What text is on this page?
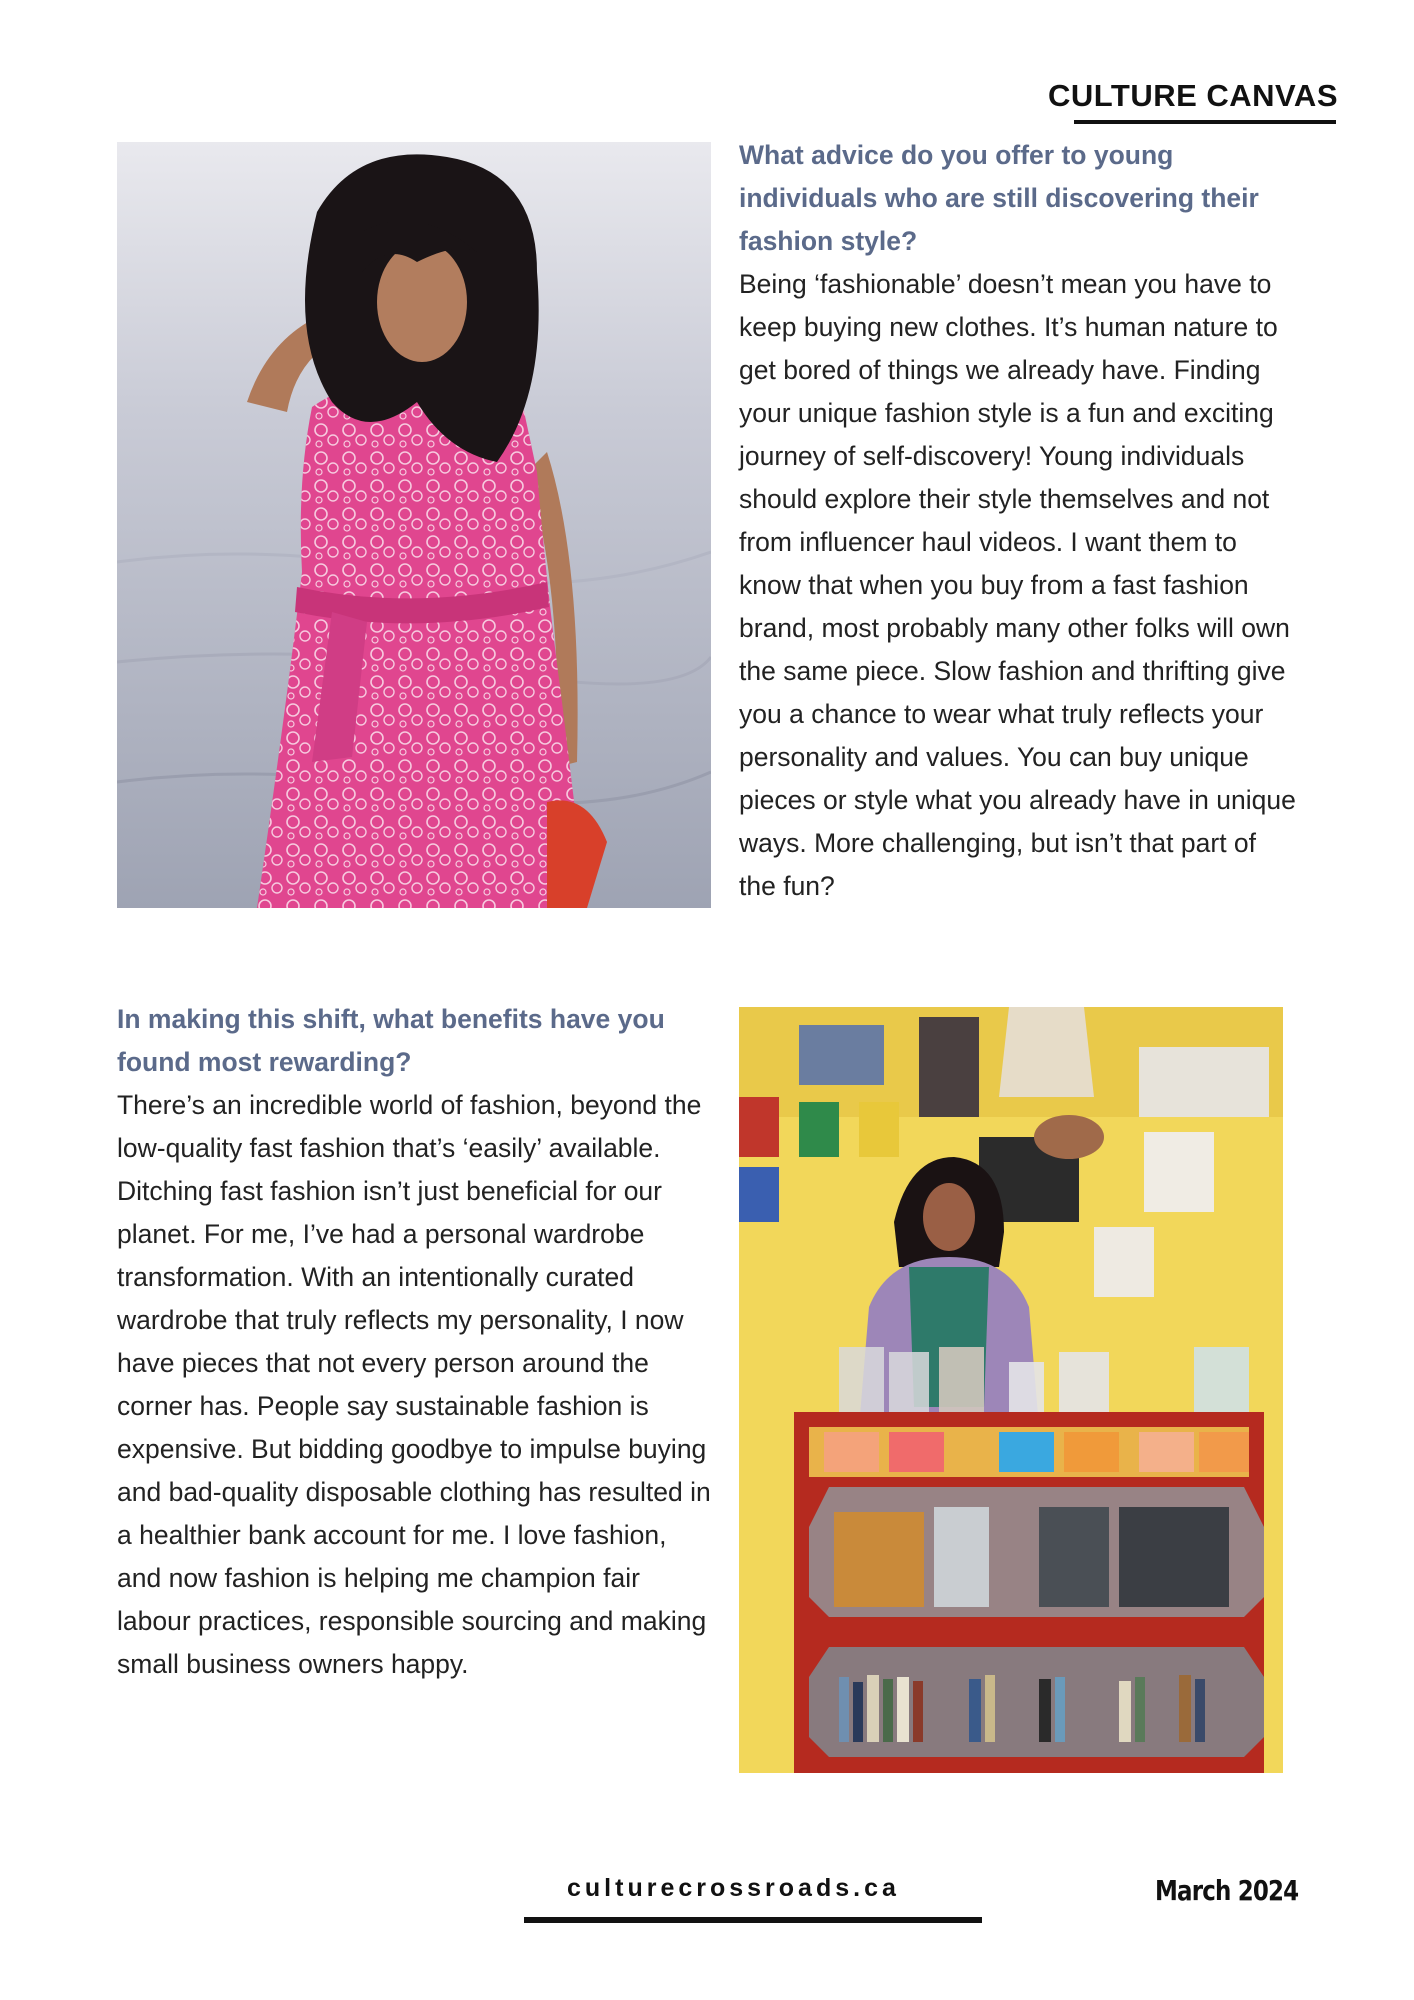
CULTURE CANVAS

What advice do you offer to young individuals who are still discovering their fashion style?

Being ‘fashionable’ doesn’t mean you have to keep buying new clothes. It’s human nature to get bored of things we already have. Finding your unique fashion style is a fun and exciting journey of self-discovery! Young individuals should explore their style themselves and not from influencer haul videos. I want them to know that when you buy from a fast fashion brand, most probably many other folks will own the same piece. Slow fashion and thrifting give you a chance to wear what truly reflects your personality and values. You can buy unique pieces or style what you already have in unique ways. More challenging, but isn’t that part of the fun?

In making this shift, what benefits have you found most rewarding?

There’s an incredible world of fashion, beyond the low-quality fast fashion that’s ‘easily’ available. Ditching fast fashion isn’t just beneficial for our planet. For me, I’ve had a personal wardrobe transformation. With an intentionally curated wardrobe that truly reflects my personality, I now have pieces that not every person around the corner has. People say sustainable fashion is expensive. But bidding goodbye to impulse buying and bad-quality disposable clothing has resulted in a healthier bank account for me. I love fashion, and now fashion is helping me champion fair labour practices, responsible sourcing and making small business owners happy.

culturecrossroads.ca	March 2024
